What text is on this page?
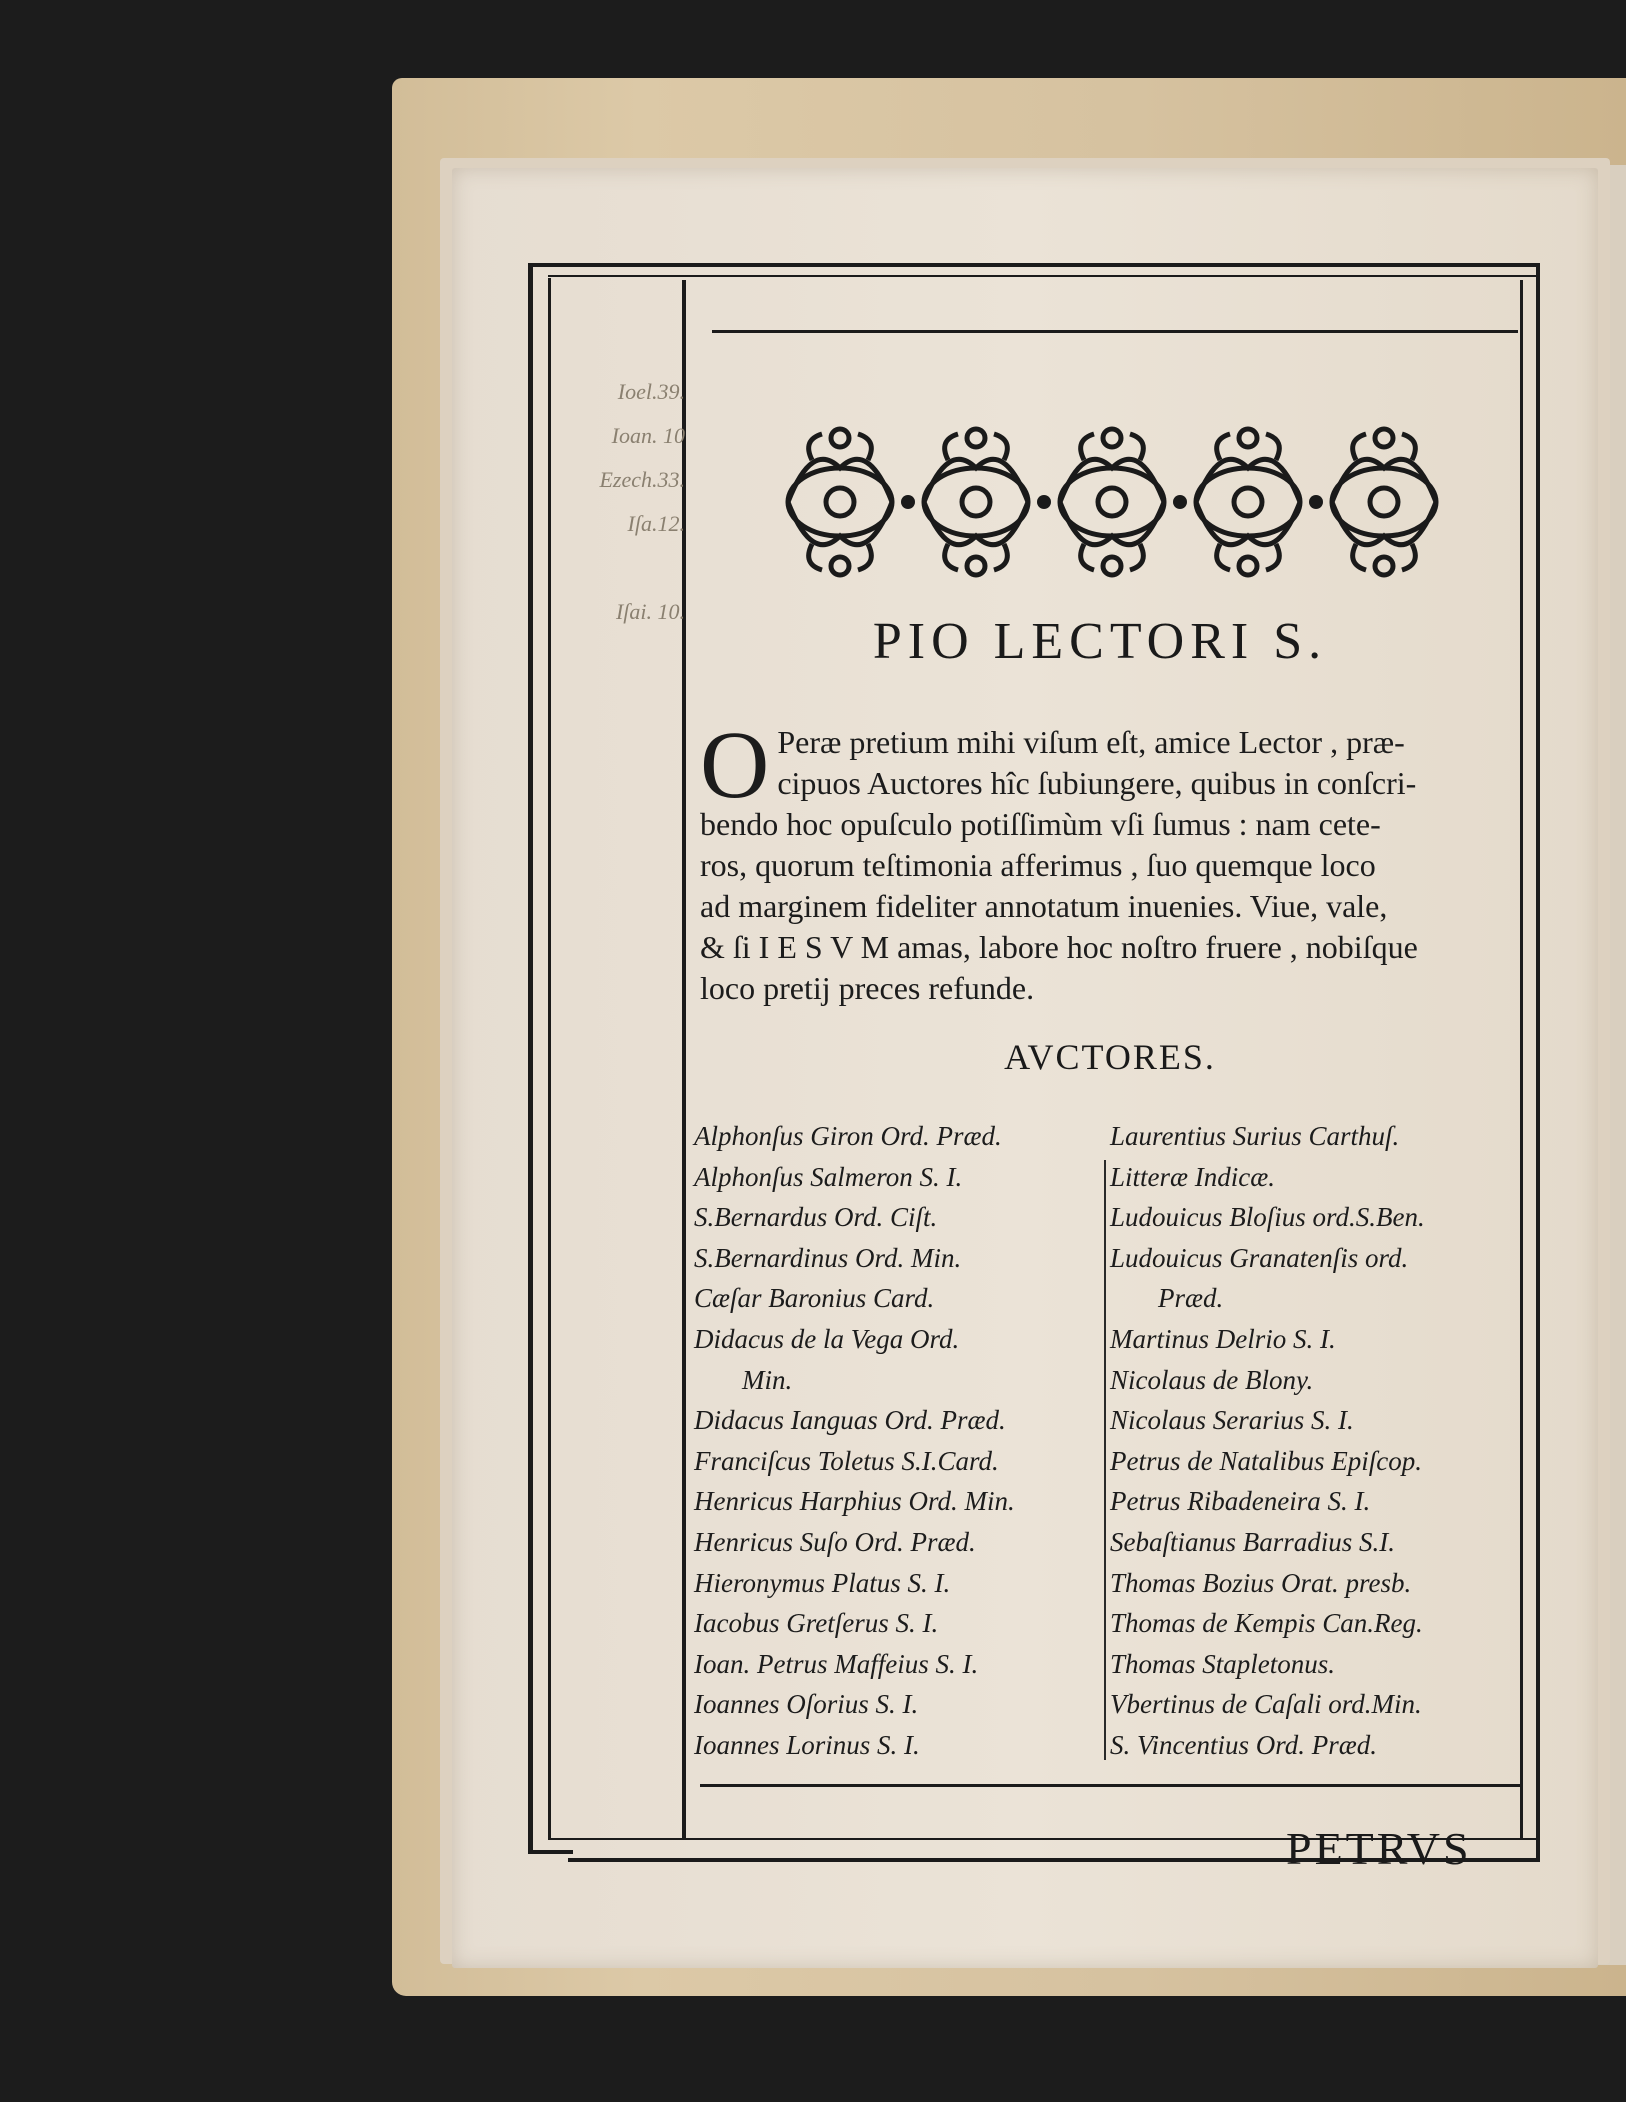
Ioel.39.
Ioan. 10
Ezech.33.
Iſa.12.
Iſai. 10.
PIO LECTORI S.
O Peræ pretium mihi viſum eſt, amice Lector , præ-
cipuos Auctores hîc ſubiungere, quibus in conſcri-
bendo hoc opuſculo potiſſimùm vſi ſumus : nam cete-
ros, quorum teſtimonia afferimus , ſuo quemque loco
ad marginem fideliter annotatum inuenies. Viue, vale,
& ſi I E S V M amas, labore hoc noſtro fruere , nobiſque
loco pretij preces refunde.
AVCTORES.
Alphonſus Giron Ord. Præd.
Alphonſus Salmeron S. I.
S.Bernardus Ord. Ciſt.
S.Bernardinus Ord. Min.
Cæſar Baronius Card.
Didacus de la Vega Ord.
Min.
Didacus Ianguas Ord. Præd.
Franciſcus Toletus S.I.Card.
Henricus Harphius Ord. Min.
Henricus Suſo Ord. Præd.
Hieronymus Platus S. I.
Iacobus Gretſerus S. I.
Ioan. Petrus Maffeius S. I.
Ioannes Oſorius S. I.
Ioannes Lorinus S. I.
Laurentius Surius Carthuſ.
Litteræ Indicæ.
Ludouicus Bloſius ord.S.Ben.
Ludouicus Granatenſis ord.
Præd.
Martinus Delrio S. I.
Nicolaus de Blony.
Nicolaus Serarius S. I.
Petrus de Natalibus Epiſcop.
Petrus Ribadeneira S. I.
Sebaſtianus Barradius S.I.
Thomas Bozius Orat. presb.
Thomas de Kempis Can.Reg.
Thomas Stapletonus.
Vbertinus de Caſali ord.Min.
S. Vincentius Ord. Præd.
PETRVS
